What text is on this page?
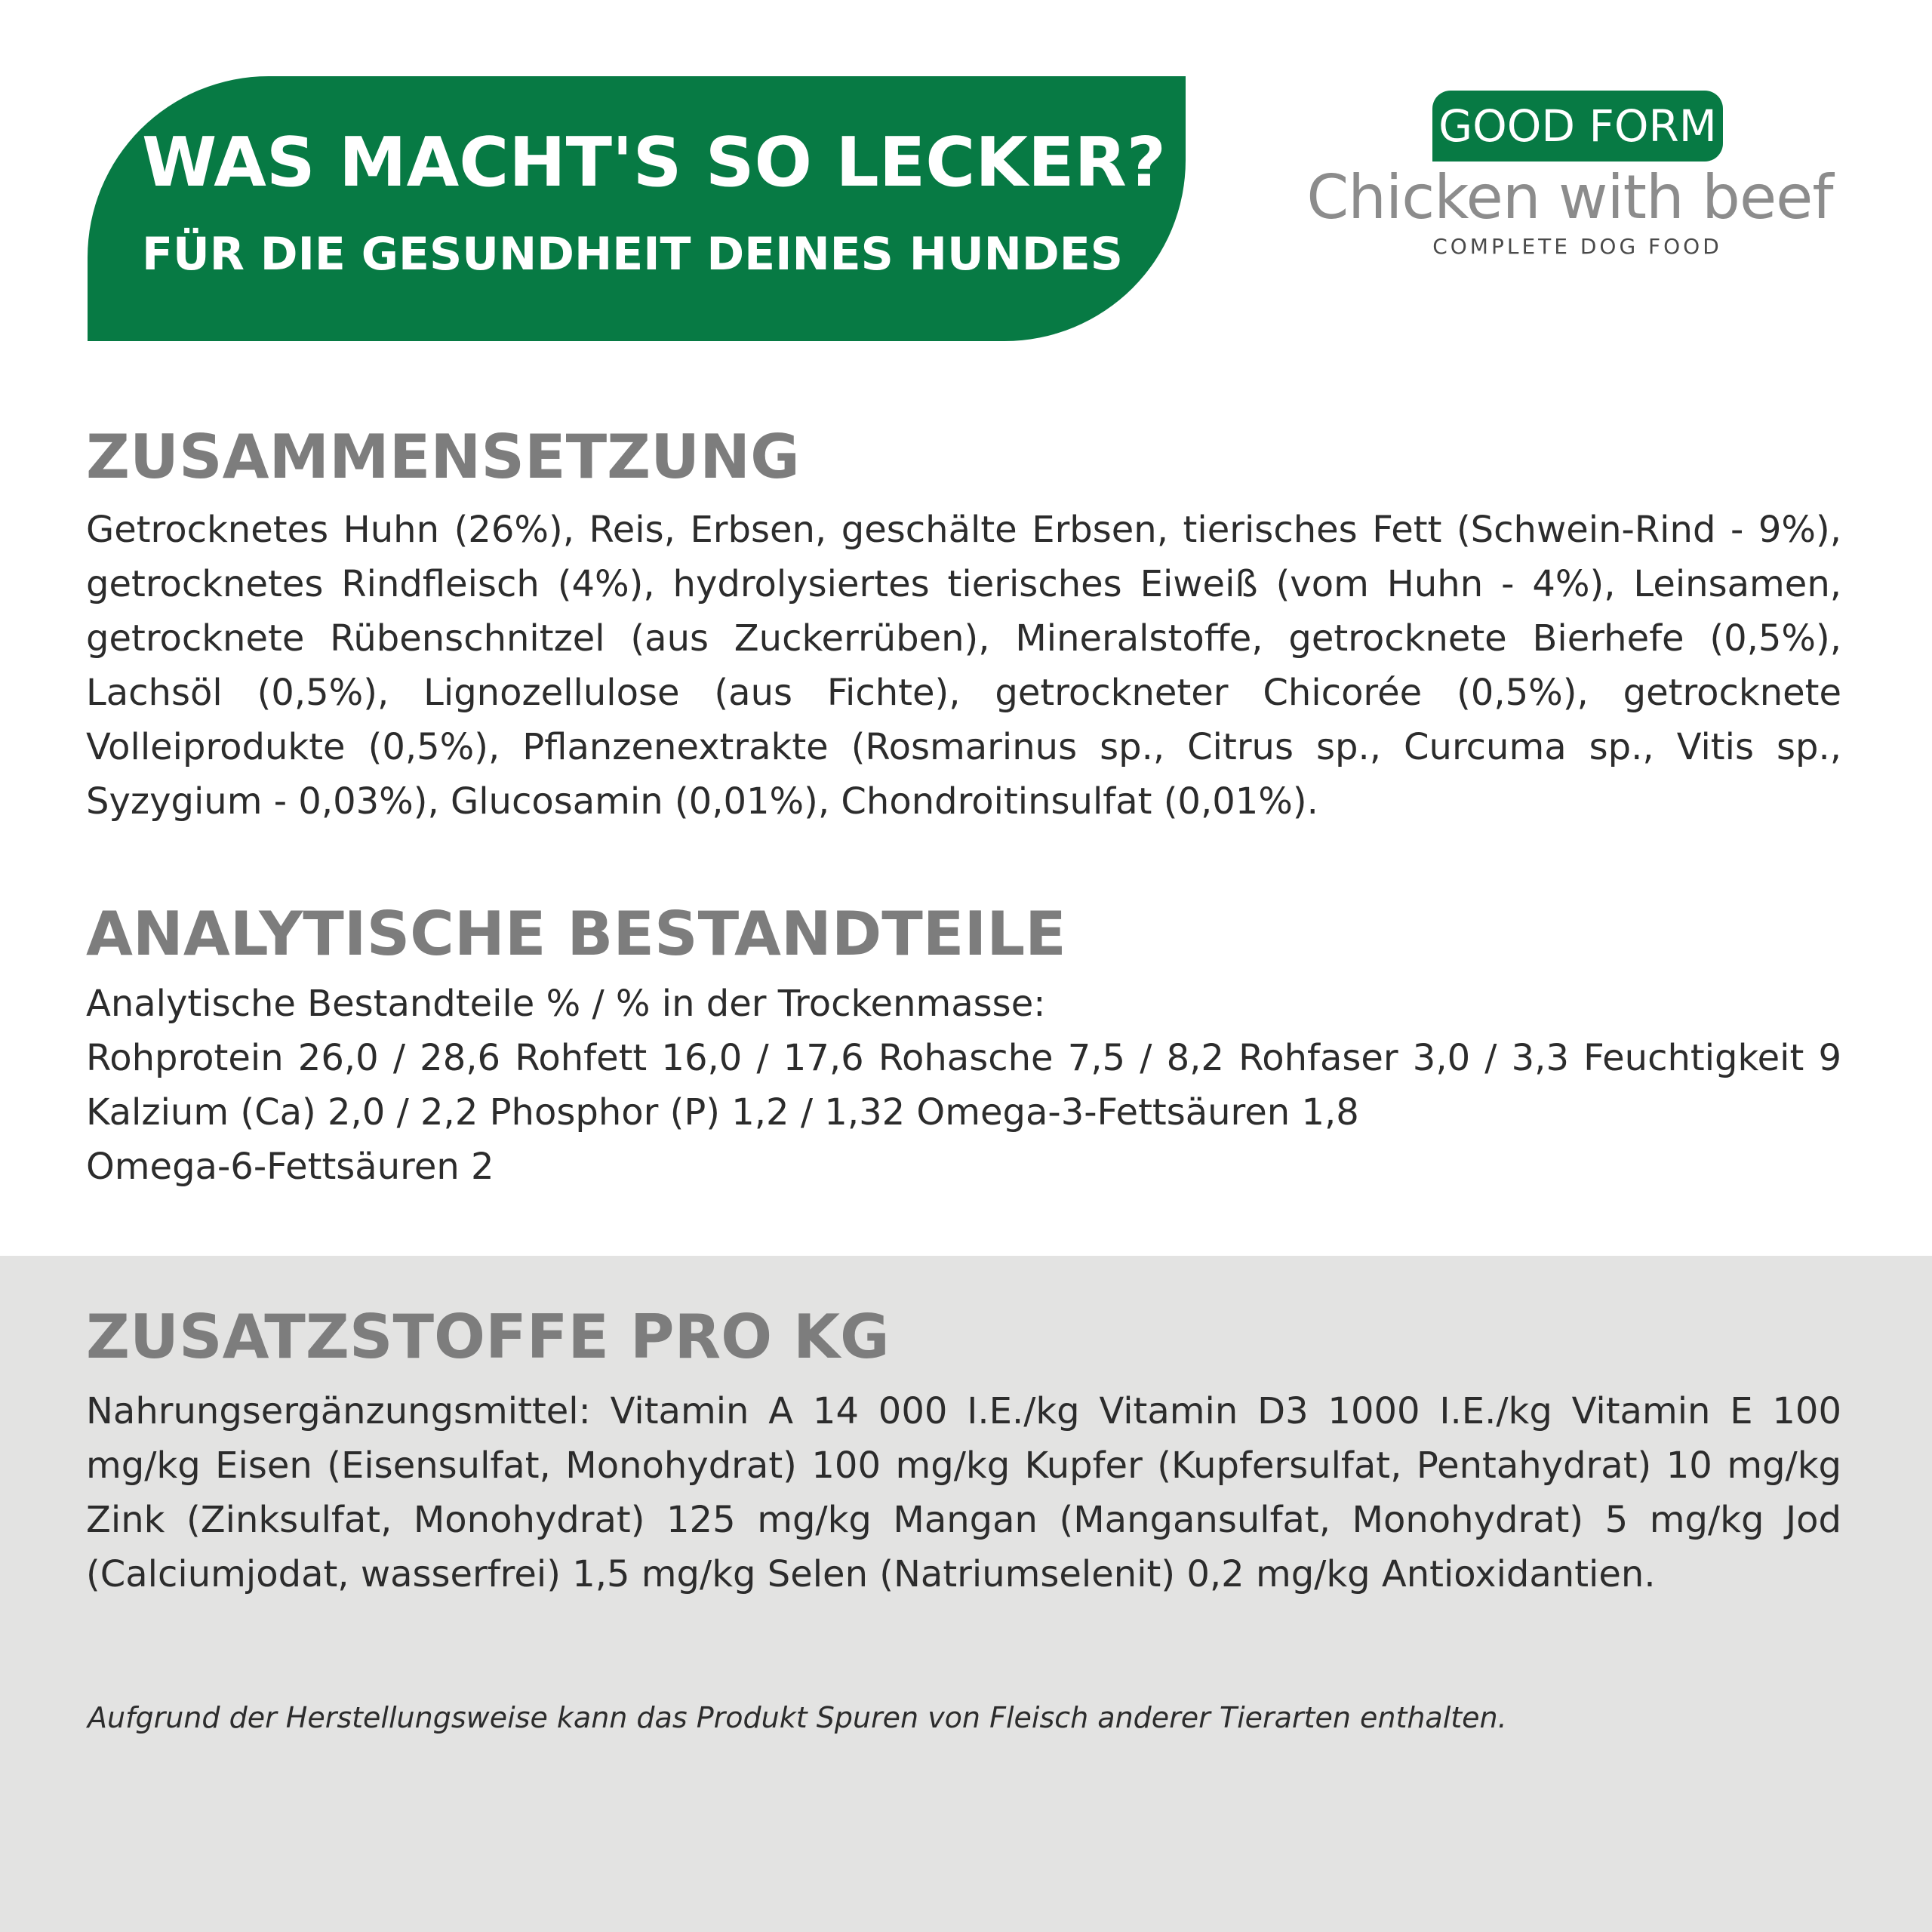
WAS MACHT'S SO LECKER?
FÜR DIE GESUNDHEIT DEINES HUNDES
GOOD FORM
Chicken with beef
COMPLETE DOG FOOD
ZUSAMMENSETZUNG

Getrocknetes Huhn (26%), Reis, Erbsen, geschälte Erbsen, tierisches Fett (Schwein-Rind - 9%), getrocknetes Rindfleisch (4%), hydrolysiertes tierisches Eiweiß (vom Huhn - 4%), Leinsamen, getrocknete Rübenschnitzel (aus Zuckerrüben), Mineralstoffe, getrocknete Bierhefe (0,5%), Lachsöl (0,5%), Lignozellulose (aus Fichte), getrockneter Chicorée (0,5%), getrocknete Volleiprodukte (0,5%), Pflanzenextrakte (Rosmarinus sp., Citrus sp., Curcuma sp., Vitis sp., Syzygium - 0,03%), Glucosamin (0,01%), Chondroitinsulfat (0,01%).

ANALYTISCHE BESTANDTEILE

Analytische Bestandteile % / % in der Trockenmasse:

Rohprotein 26,0 / 28,6 Rohfett 16,0 / 17,6 Rohasche 7,5 / 8,2 Rohfaser 3,0 / 3,3 Feuchtigkeit 9 Kalzium (Ca) 2,0 / 2,2 Phosphor (P) 1,2 / 1,32 Omega-3-Fettsäuren 1,8

Omega-6-Fettsäuren 2

ZUSATZSTOFFE PRO KG

Nahrungsergänzungsmittel: Vitamin A 14 000 I.E./kg Vitamin D3 1000 I.E./kg Vitamin E 100 mg/kg Eisen (Eisensulfat, Monohydrat) 100 mg/kg Kupfer (Kupfersulfat, Pentahydrat) 10 mg/kg Zink (Zinksulfat, Monohydrat) 125 mg/kg Mangan (Mangansulfat, Monohydrat) 5 mg/kg Jod (Calciumjodat, wasserfrei) 1,5 mg/kg Selen (Natriumselenit) 0,2 mg/kg Antioxidantien.

Aufgrund der Herstellungsweise kann das Produkt Spuren von Fleisch anderer Tierarten enthalten.
